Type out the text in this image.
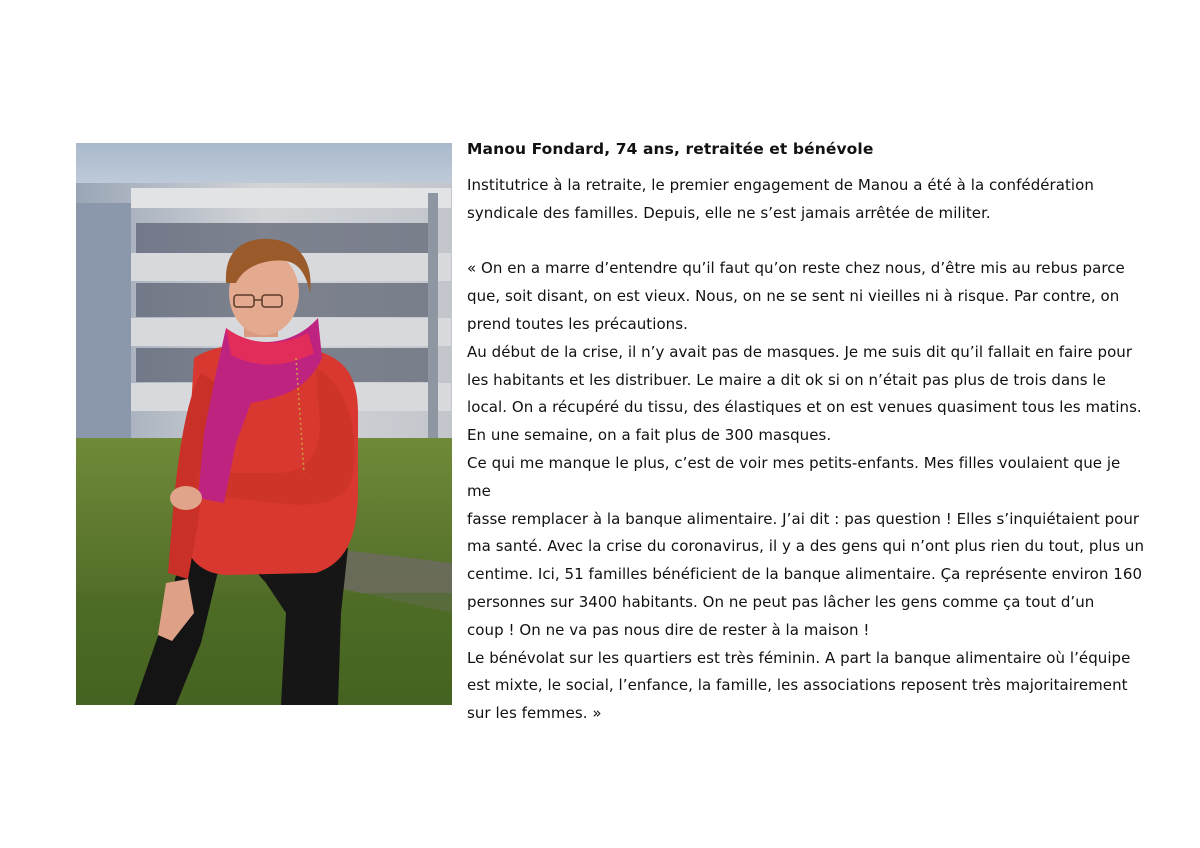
Manou Fondard, 74 ans, retraitée et bénévole

Institutrice à la retraite, le premier engagement de Manou a été à la confédération
syndicale des familles. Depuis, elle ne s’est jamais arrêtée de militer.

« On en a marre d’entendre qu’il faut qu’on reste chez nous, d’être mis au rebus parce
que, soit disant, on est vieux. Nous, on ne se sent ni vieilles ni à risque. Par contre, on
prend toutes les précautions.
Au début de la crise, il n’y avait pas de masques. Je me suis dit qu’il fallait en faire pour
les habitants et les distribuer. Le maire a dit ok si on n’était pas plus de trois dans le
local. On a récupéré du tissu, des élastiques et on est venues quasiment tous les matins.
En une semaine, on a fait plus de 300 masques.
Ce qui me manque le plus, c’est de voir mes petits-enfants. Mes filles voulaient que je me
fasse remplacer à la banque alimentaire. J’ai dit : pas question ! Elles s’inquiétaient pour
ma santé. Avec la crise du coronavirus, il y a des gens qui n’ont plus rien du tout, plus un
centime. Ici, 51 familles bénéficient de la banque alimentaire. Ça représente environ 160
personnes sur 3400 habitants. On ne peut pas lâcher les gens comme ça tout d’un
coup ! On ne va pas nous dire de rester à la maison !
Le bénévolat sur les quartiers est très féminin. A part la banque alimentaire où l’équipe
est mixte, le social, l’enfance, la famille, les associations reposent très majoritairement
sur les femmes. »
